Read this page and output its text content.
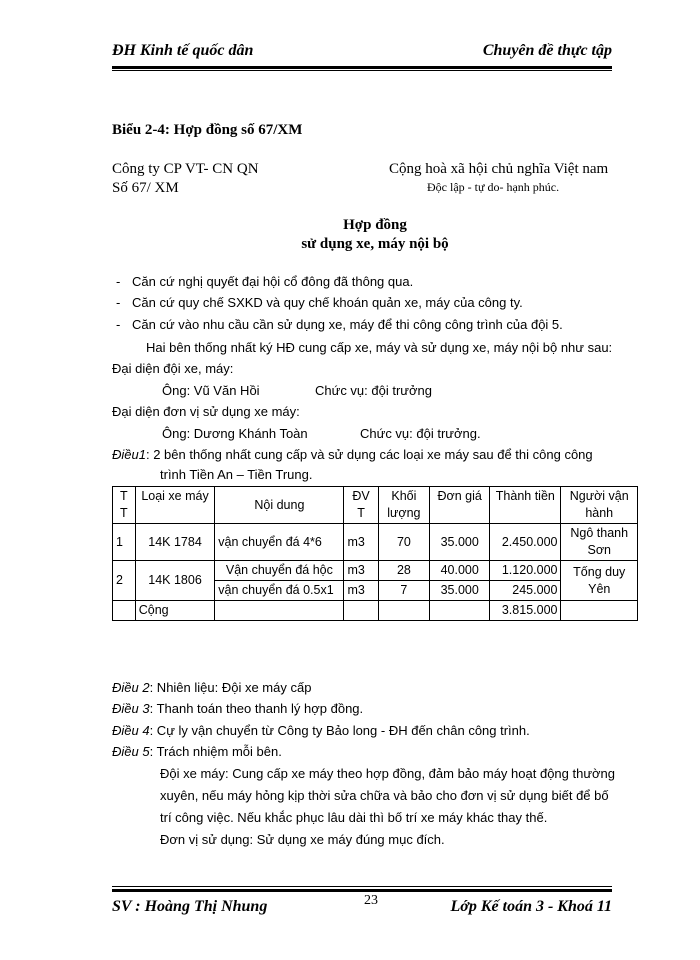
ĐH Kinh tế quốc dân	Chuyên đề thực tập
Biểu 2-4: Hợp đồng số 67/XM
Công ty CP VT- CN QN
Số 67/ XM
Cộng hoà xã hội chủ nghĩa Việt nam
Độc lập - tự do- hạnh phúc.
Hợp đồng
sử dụng xe, máy nội bộ
- Căn cứ nghị quyết đại hội cổ đông đã thông qua.
- Căn cứ quy chế SXKD và quy chế khoán quản xe, máy của công ty.
- Căn cứ vào nhu cầu cần sử dụng xe, máy để thi công công trình của đội 5.
Hai bên thống nhất ký HĐ cung cấp xe, máy và sử dụng xe, máy nội bộ như sau:
Đại diện đội xe, máy:
Ông: Vũ Văn Hồi	Chức vụ: đội trưởng
Đại diện đơn vị sử dụng xe máy:
Ông: Dương Khánh Toàn	Chức vụ: đội trưởng.
Điều1: 2 bên thống nhất cung cấp và sử dụng các loại xe máy sau để thi công công
trình Tiền An – Tiền Trung.
T T	Loại xe máy	Nội dung	ĐV T	Khối lượng	Đơn giá	Thành tiền	Người vận hành
1	14K 1784	vận chuyển đá 4*6	m3	70	35.000	2.450.000	Ngô thanh Sơn
2	14K 1806	Vận chuyển đá hộc	m3	28	40.000	1.120.000	Tống duy Yên
		vận chuyển đá 0.5x1	m3	7	35.000	245.000	
	Cộng					3.815.000	
Điều 2: Nhiên liệu: Đội xe máy cấp
Điều 3: Thanh toán theo thanh lý hợp đồng.
Điều 4: Cự ly vận chuyển từ Công ty Bảo long - ĐH đến chân công trình.
Điều 5: Trách nhiệm mỗi bên.
Đội xe máy: Cung cấp xe máy theo hợp đồng, đảm bảo máy hoạt động thường
xuyên, nếu máy hỏng kịp thời sửa chữa và bảo cho đơn vị sử dụng biết để bố
trí công việc. Nếu khắc phục lâu dài thì bố trí xe máy khác thay thế.
Đơn vị sử dụng: Sử dụng xe máy đúng mục đích.
23
SV : Hoàng Thị Nhung	Lớp Kế toán 3 - Khoá 11
